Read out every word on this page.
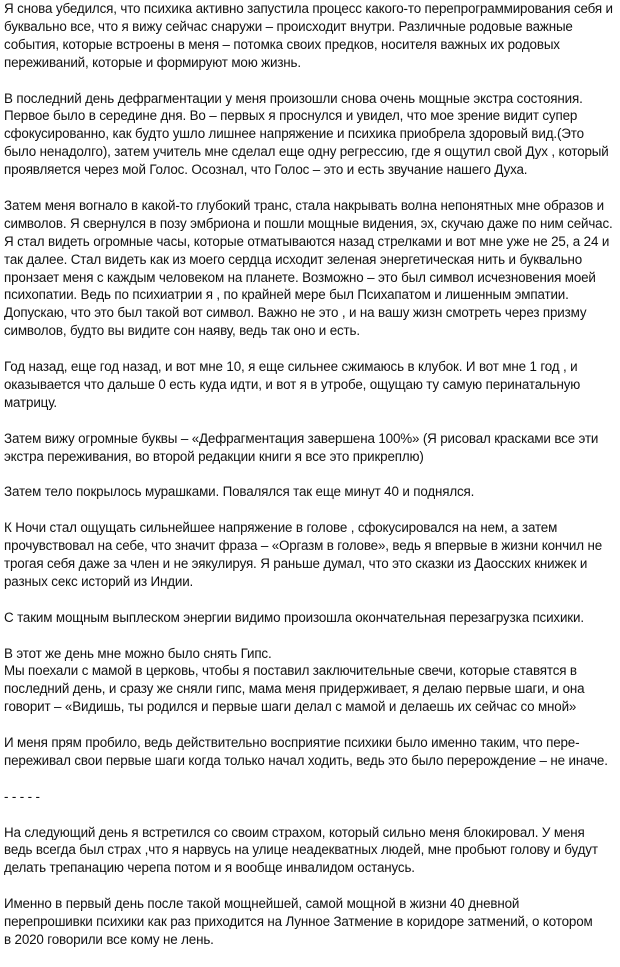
Я снова убедился, что психика активно запустила процесс какого-то перепрограммирования себя и
буквально все, что я вижу сейчас снаружи – происходит внутри. Различные родовые важные
события, которые встроены в меня – потомка своих предков, носителя важных их родовых
переживаний, которые и формируют мою жизнь.

В последний день дефрагментации у меня произошли снова очень мощные экстра состояния.
Первое было в середине дня. Во – первых я проснулся и увидел, что мое зрение видит супер
сфокусированно, как будто ушло лишнее напряжение и психика приобрела здоровый вид.(Это
было ненадолго), затем учитель мне сделал еще одну регрессию, где я ощутил свой Дух , который
проявляется через мой Голос. Осознал, что Голос – это и есть звучание нашего Духа.

Затем меня вогнало в какой-то глубокий транс, стала накрывать волна непонятных мне образов и
символов. Я свернулся в позу эмбриона и пошли мощные видения, эх, скучаю даже по ним сейчас.
Я стал видеть огромные часы, которые отматываются назад стрелками и вот мне уже не 25, а 24 и
так далее. Стал видеть как из моего сердца исходит зеленая энергетическая нить и буквально
пронзает меня с каждым человеком на планете. Возможно – это был символ исчезновения моей
психопатии. Ведь по психиатрии я , по крайней мере был Психапатом и лишенным эмпатии.
Допускаю, что это был такой вот символ. Важно не это , и на вашу жизн смотреть через призму
символов, будто вы видите сон наяву, ведь так оно и есть.

Год назад, еще год назад, и вот мне 10, я еще сильнее сжимаюсь в клубок. И вот мне 1 год , и
оказывается что дальше 0 есть куда идти, и вот я в утробе, ощущаю ту самую перинатальную
матрицу.

Затем вижу огромные буквы – «Дефрагментация завершена 100%» (Я рисовал красками все эти
экстра переживания, во второй редакции книги я все это прикреплю)

Затем тело покрылось мурашками. Повалялся так еще минут 40 и поднялся.

К Ночи стал ощущать сильнейшее напряжение в голове , сфокусировался на нем, а затем
прочувствовал на себе, что значит фраза – «Оргазм в голове», ведь я впервые в жизни кончил не
трогая себя даже за член и не эякулируя. Я раньше думал, что это сказки из Даосских книжек и
разных секс историй из Индии.

С таким мощным выплеском энергии видимо произошла окончательная перезагрузка психики.

В этот же день мне можно было снять Гипс.
Мы поехали с мамой в церковь, чтобы я поставил заключительные свечи, которые ставятся в
последний день, и сразу же сняли гипс, мама меня придерживает, я делаю первые шаги, и она
говорит – «Видишь, ты родился и первые шаги делал с мамой и делаешь их сейчас со мной»

И меня прям пробило, ведь действительно восприятие психики было именно таким, что пере-
переживал свои первые шаги когда только начал ходить, ведь это было перерождение – не иначе.

- - - - -

На следующий день я встретился со своим страхом, который сильно меня блокировал. У меня
ведь всегда был страх ,что я нарвусь на улице неадекватных людей, мне пробьют голову и будут
делать трепанацию черепа потом и я вообще инвалидом останусь.

Именно в первый день после такой мощнейшей, самой мощной в жизни 40 дневной
перепрошивки психики как раз приходится на Лунное Затмение в коридоре затмений, о котором
в 2020 говорили все кому не лень.
